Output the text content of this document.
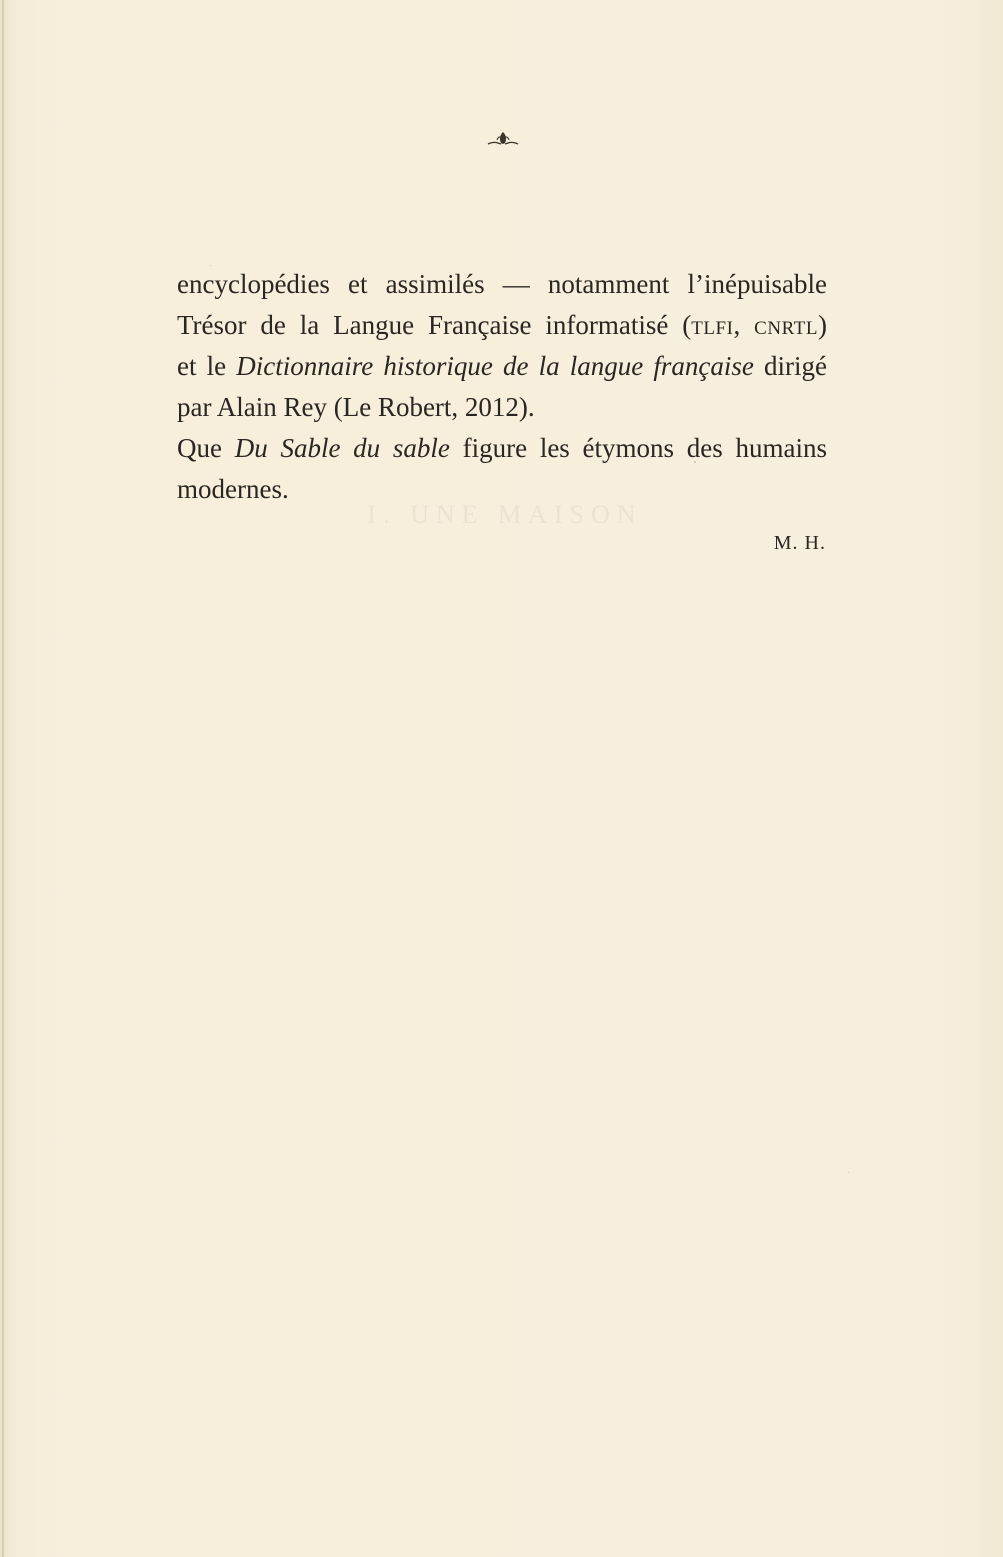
I. UNE MAISON
encyclopédies et assimilés — notamment l’inépuisable
Trésor de la Langue Française informatisé (tlfi, cnrtl)
et le Dictionnaire historique de la langue française dirigé
par Alain Rey (Le Robert, 2012).
Que Du Sable du sable figure les étymons des humains
modernes.
M. H.
